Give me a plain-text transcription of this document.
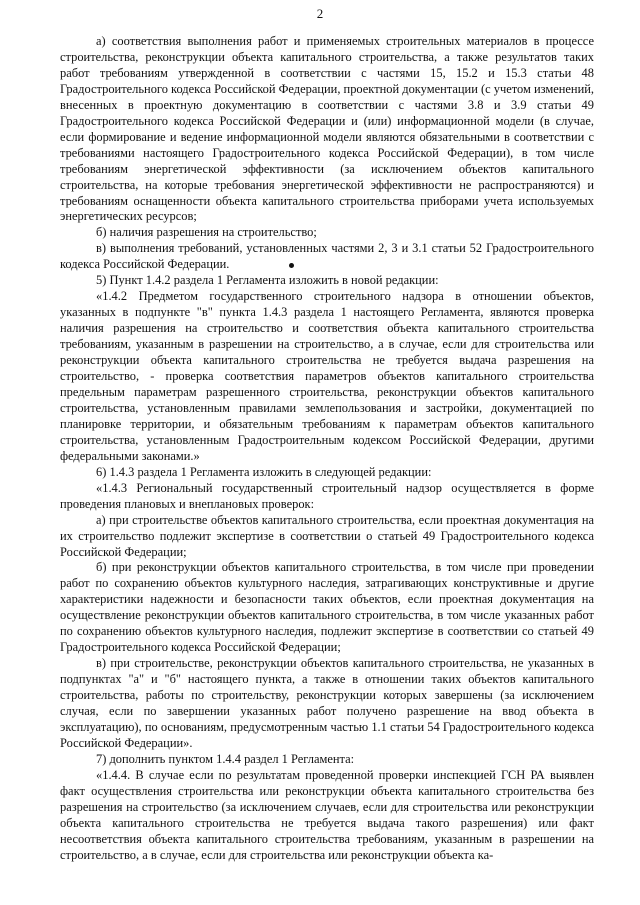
2

а) соответствия выполнения работ и применяемых строительных материалов в процессе строительства, реконструкции объекта капитального строительства, а также результатов таких работ требованиям утвержденной в соответствии с частями 15, 15.2 и 15.3 статьи 48 Градостроительного кодекса Российской Федерации, проектной документации (с учетом изменений, внесенных в проектную документацию в соответствии с частями 3.8 и 3.9 статьи 49 Градостроительного кодекса Российской Федерации и (или) информационной модели (в случае, если формирование и ведение информационной модели являются обязательными в соответствии с требованиями настоящего Градостроительного кодекса Российской Федерации), в том числе требованиям энергетической эффективности (за исключением объектов капитального строительства, на которые требования энергетической эффективности не распространяются) и требованиям оснащенности объекта капитального строительства приборами учета используемых энергетических ресурсов;

б) наличия разрешения на строительство;

в) выполнения требований, установленных частями 2, 3 и 3.1 статьи 52 Градостроительного кодекса Российской Федерации.

5) Пункт 1.4.2 раздела 1 Регламента изложить в новой редакции:

«1.4.2 Предметом государственного строительного надзора в отношении объектов, указанных в подпункте "в" пункта 1.4.3 раздела 1 настоящего Регламента, являются проверка наличия разрешения на строительство и соответствия объекта капитального строительства требованиям, указанным в разрешении на строительство, а в случае, если для строительства или реконструкции объекта капитального строительства не требуется выдача разрешения на строительство, - проверка соответствия параметров объектов капитального строительства предельным параметрам разрешенного строительства, реконструкции объектов капитального строительства, установленным правилами землепользования и застройки, документацией по планировке территории, и обязательным требованиям к параметрам объектов капитального строительства, установленным Градостроительным кодексом Российской Федерации, другими федеральными законами.»

6) 1.4.3 раздела 1 Регламента изложить в следующей редакции:

«1.4.3 Региональный государственный строительный надзор осуществляется в форме проведения плановых и внеплановых проверок:

а) при строительстве объектов капитального строительства, если проектная документация на их строительство подлежит экспертизе в соответствии о статьей 49 Градостроительного кодекса Российской Федерации;

б) при реконструкции объектов капитального строительства, в том числе при проведении работ по сохранению объектов культурного наследия, затрагивающих конструктивные и другие характеристики надежности и безопасности таких объектов, если проектная документация на осуществление реконструкции объектов капитального строительства, в том числе указанных работ по сохранению объектов культурного наследия, подлежит экспертизе в соответствии со статьей 49 Градостроительного кодекса Российской Федерации;

в) при строительстве, реконструкции объектов капитального строительства, не указанных в подпунктах "а" и "б" настоящего пункта, а также в отношении таких объектов капитального строительства, работы по строительству, реконструкции которых завершены (за исключением случая, если по завершении указанных работ получено разрешение на ввод объекта в эксплуатацию), по основаниям, предусмотренным частью 1.1 статьи 54 Градостроительного кодекса Российской Федерации».

7) дополнить пунктом 1.4.4 раздел 1 Регламента:

«1.4.4. В случае если по результатам проведенной проверки инспекцией ГСН РА выявлен факт осуществления строительства или реконструкции объекта капитального строительства без разрешения на строительство (за исключением случаев, если для строительства или реконструкции объекта капитального строительства не требуется выдача такого разрешения) или факт несоответствия объекта капитального строительства требованиям, указанным в разрешении на строительство, а в случае, если для строительства или реконструкции объекта ка-
